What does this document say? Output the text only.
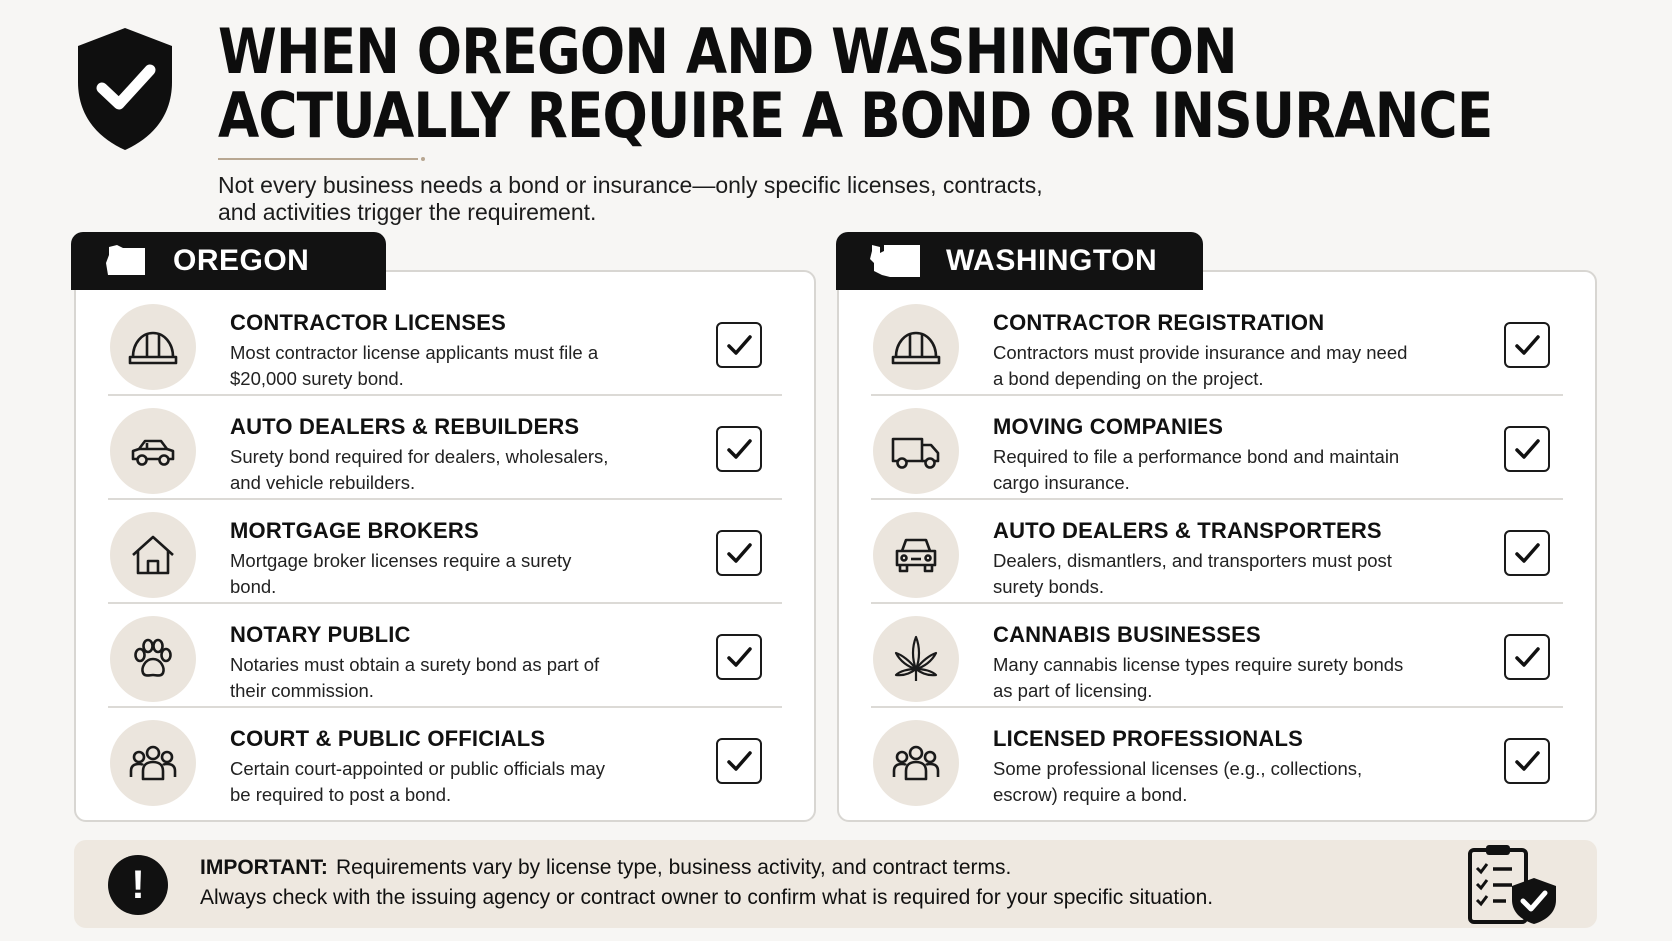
WHEN OREGON AND WASHINGTON
ACTUALLY REQUIRE A BOND OR INSURANCE
Not every business needs a bond or insurance—only specific licenses, contracts,
and activities trigger the requirement.
CONTRACTOR LICENSES
Most contractor license applicants must file a
$20,000 surety bond.
AUTO DEALERS & REBUILDERS
Surety bond required for dealers, wholesalers,
and vehicle rebuilders.
MORTGAGE BROKERS
Mortgage broker licenses require a surety
bond.
NOTARY PUBLIC
Notaries must obtain a surety bond as part of
their commission.
COURT & PUBLIC OFFICIALS
Certain court-appointed or public officials may
be required to post a bond.
OREGON
CONTRACTOR REGISTRATION
Contractors must provide insurance and may need
a bond depending on the project.
MOVING COMPANIES
Required to file a performance bond and maintain
cargo insurance.
AUTO DEALERS & TRANSPORTERS
Dealers, dismantlers, and transporters must post
surety bonds.
CANNABIS BUSINESSES
Many cannabis license types require surety bonds
as part of licensing.
LICENSED PROFESSIONALS
Some professional licenses (e.g., collections,
escrow) require a bond.
WASHINGTON
!	IMPORTANT: Requirements vary by license type, business activity, and contract terms.
Always check with the issuing agency or contract owner to confirm what is required for your specific situation.
